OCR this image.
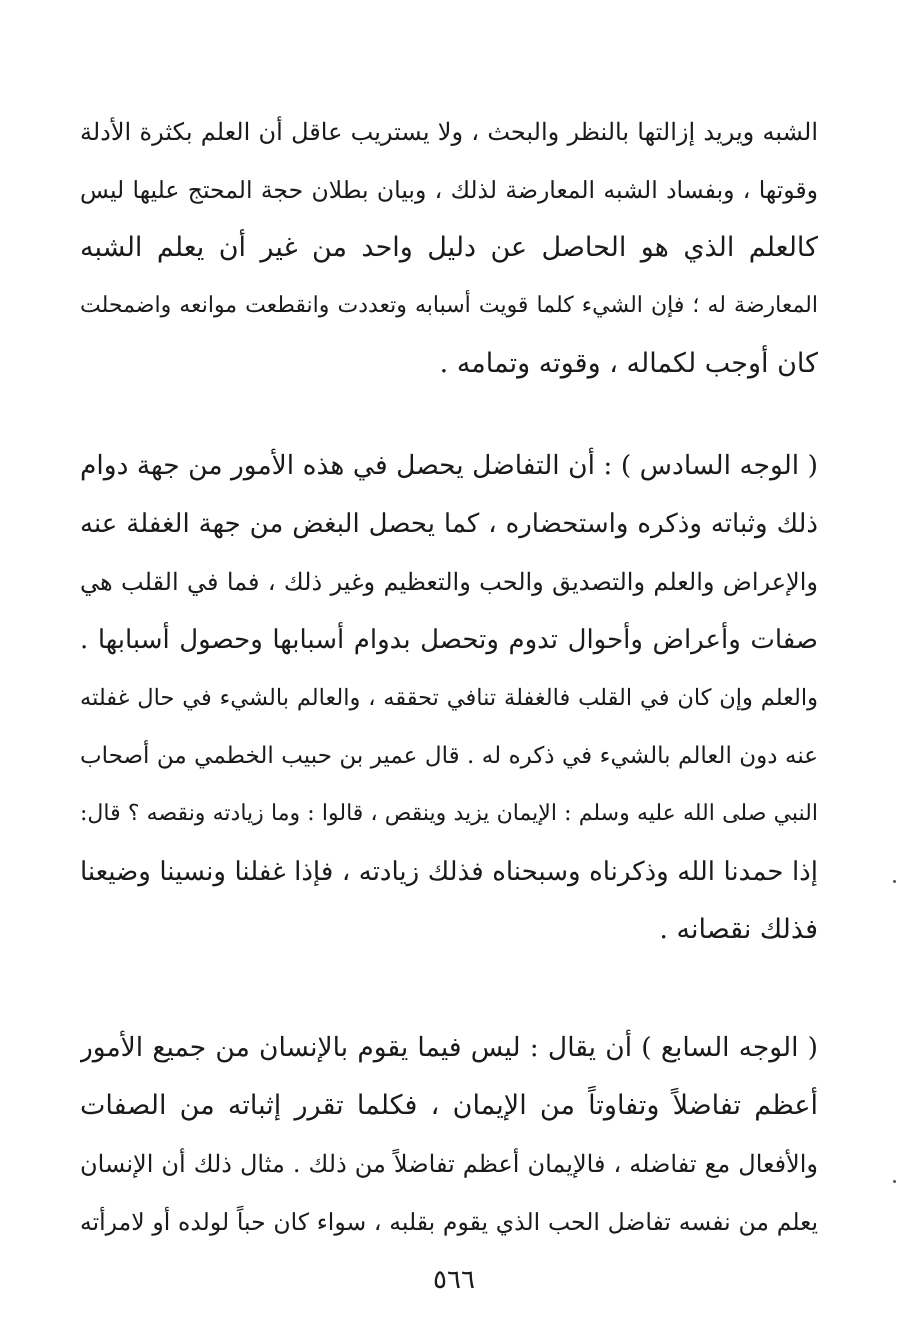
الشبه ويريد إزالتها بالنظر والبحث ، ولا يستريب عاقل أن العلم بكثرة الأدلة
وقوتها ، وبفساد الشبه المعارضة لذلك ، وبيان بطلان حجة المحتج عليها ليس
كالعلم الذي هو الحاصل عن دليل واحد من غير أن يعلم الشبه
المعارضة له ؛ فإن الشيء كلما قويت أسبابه وتعددت وانقطعت موانعه واضمحلت
كان أوجب لكماله ، وقوته وتمامه .
( الوجه السادس ) : أن التفاضل يحصل في هذه الأمور من جهة دوام
ذلك وثباته وذكره واستحضاره ، كما يحصل البغض من جهة الغفلة عنه
والإعراض والعلم والتصديق والحب والتعظيم وغير ذلك ، فما في القلب هي
صفات وأعراض وأحوال تدوم وتحصل بدوام أسبابها وحصول أسبابها .
والعلم وإن كان في القلب فالغفلة تنافي تحققه ، والعالم بالشيء في حال غفلته
عنه دون العالم بالشيء في ذكره له . قال عمير بن حبيب الخطمي من أصحاب
النبي صلى الله عليه وسلم : الإيمان يزيد وينقص ، قالوا : وما زيادته ونقصه ؟ قال:
إذا حمدنا الله وذكرناه وسبحناه فذلك زيادته ، فإذا غفلنا ونسينا وضيعنا
فذلك نقصانه .
( الوجه السابع ) أن يقال : ليس فيما يقوم بالإنسان من جميع الأمور
أعظم تفاضلاً وتفاوتاً من الإيمان ، فكلما تقرر إثباته من الصفات
والأفعال مع تفاضله ، فالإيمان أعظم تفاضلاً من ذلك . مثال ذلك أن الإنسان
يعلم من نفسه تفاضل الحب الذي يقوم بقلبه ، سواء كان حباً لولده أو لامرأته
٥٦٦
